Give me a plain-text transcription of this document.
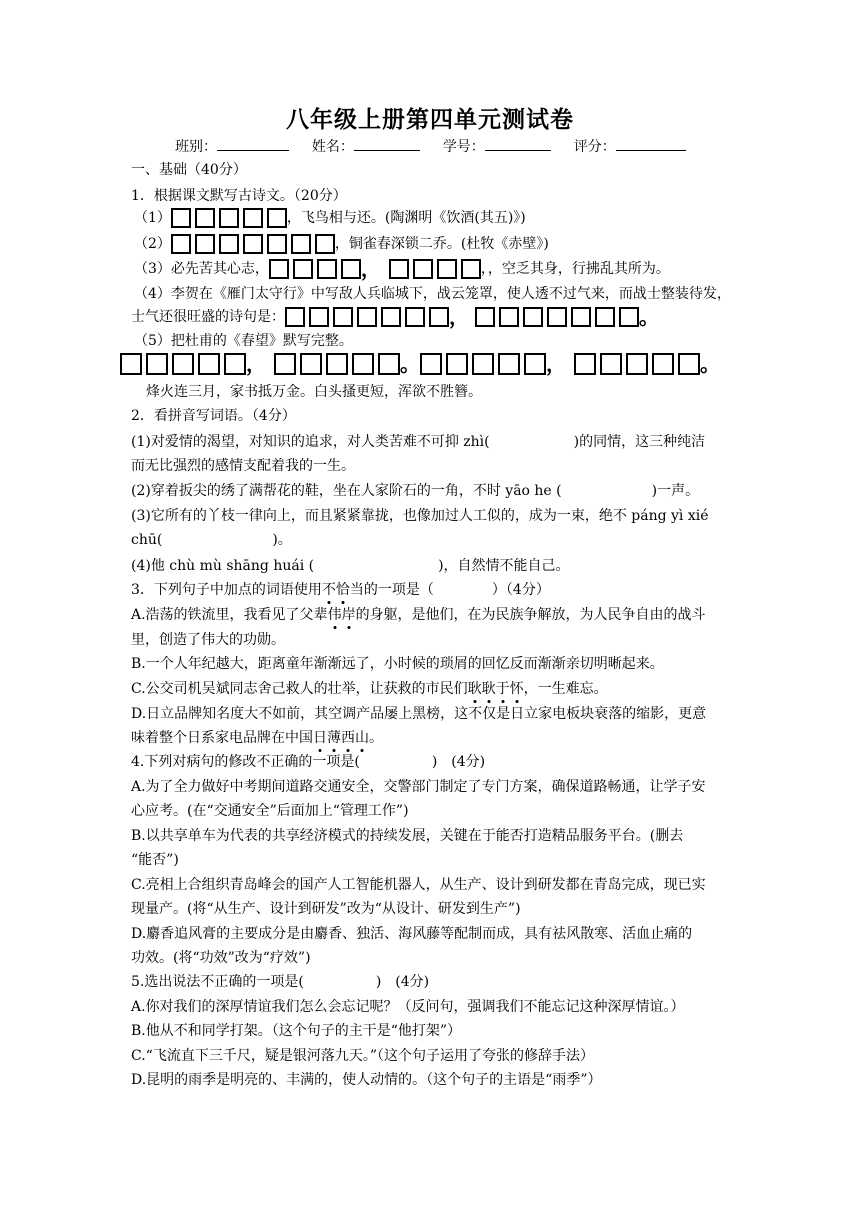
八年级上册第四单元测试卷
班别：	姓名：	学号：	评分：
一、基础（40分）
1．根据课文默写古诗文。（20分）
（1）	，飞鸟相与还。(陶渊明《饮酒(其五)》)
（2）	，铜雀春深锁二乔。(杜牧《赤壁》)
（3）必先苦其心志，	，	，，空乏其身，行拂乱其所为。
（4）李贺在《雁门太守行》中写敌人兵临城下，战云笼罩，使人透不过气来，而战士整装待发，
士气还很旺盛的诗句是：	，	。
（5）把杜甫的《春望》默写完整。
，	。	，	。
烽火连三月，家书抵万金。白头搔更短，浑欲不胜簪。
2．看拼音写词语。（4分）
(1)对爱情的渴望，对知识的追求，对人类苦难不可抑 zhì(	)的同情，这三种纯洁
而无比强烈的感情支配着我的一生。
(2)穿着扳尖的绣了满帮花的鞋，坐在人家阶石的一角，不时 yāo he (	)一声。
(3)它所有的丫枝一律向上，而且紧紧靠拢，也像加过人工似的，成为一束，绝不 páng yì xié
chū(	)。
(4)他 chù mù shāng huái (	)，自然情不能自己。
3．下列句子中加点的词语使用不恰当的一项是（	）（4分）
A.浩荡的铁流里，我看见了父辈伟岸的身躯，是他们，在为民族争解放，为人民争自由的战斗
里，创造了伟大的功勋。
B.一个人年纪越大，距离童年渐渐远了，小时候的琐屑的回忆反而渐渐亲切明晰起来。
C.公交司机吴斌同志舍己救人的壮举，让获救的市民们耿耿于怀，一生难忘。
D.日立品牌知名度大不如前，其空调产品屡上黑榜，这不仅是日立家电板块衰落的缩影，更意
味着整个日系家电品牌在中国日薄西山。
4.下列对病句的修改不正确的一项是(	)　(4分)
A.为了全力做好中考期间道路交通安全，交警部门制定了专门方案，确保道路畅通，让学子安
心应考。(在“交通安全”后面加上“管理工作”)
B.以共享单车为代表的共享经济模式的持续发展，关键在于能否打造精品服务平台。(删去
“能否”)
C.亮相上合组织青岛峰会的国产人工智能机器人，从生产、设计到研发都在青岛完成，现已实
现量产。(将“从生产、设计到研发”改为“从设计、研发到生产”)
D.麝香追风膏的主要成分是由麝香、独活、海风藤等配制而成，具有祛风散寒、活血止痛的
功效。(将“功效”改为“疗效”)
5.选出说法不正确的一项是(	)　(4分)
A.你对我们的深厚情谊我们怎么会忘记呢？（反问句，强调我们不能忘记这种深厚情谊。）
B.他从不和同学打架。（这个句子的主干是“他打架”）
C.“飞流直下三千尺，疑是银河落九天。”（这个句子运用了夸张的修辞手法）
D.昆明的雨季是明亮的、丰满的，使人动情的。（这个句子的主语是“雨季”）
